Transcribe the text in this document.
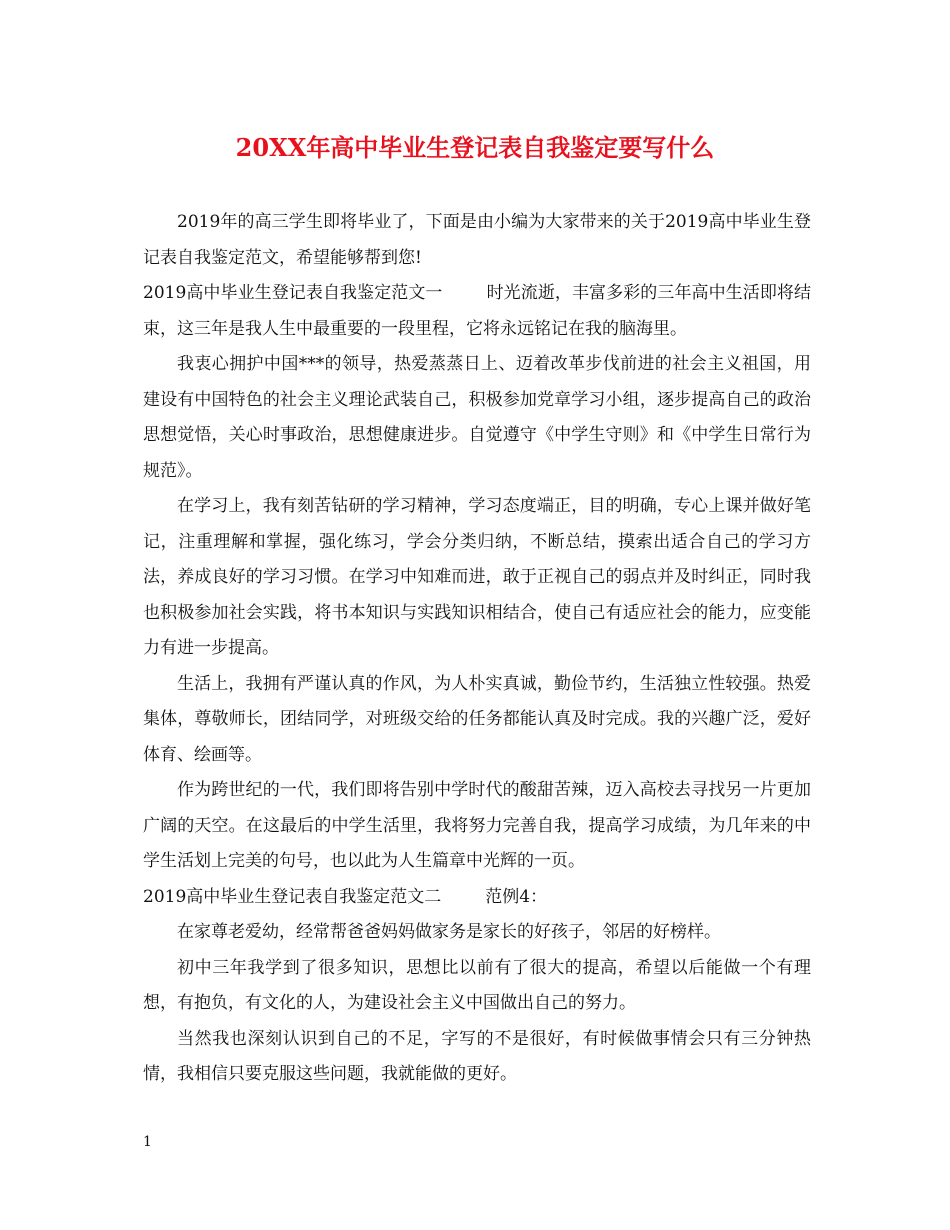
20XX年高中毕业生登记表自我鉴定要写什么

2019年的高三学生即将毕业了，下面是由小编为大家带来的关于2019高中毕业生登记表自我鉴定范文，希望能够帮到您!

2019高中毕业生登记表自我鉴定范文一	时光流逝，丰富多彩的三年高中生活即将结束，这三年是我人生中最重要的一段里程，它将永远铭记在我的脑海里。

我衷心拥护中国***的领导，热爱蒸蒸日上、迈着改革步伐前进的社会主义祖国，用建设有中国特色的社会主义理论武装自己，积极参加党章学习小组，逐步提高自己的政治思想觉悟，关心时事政治，思想健康进步。自觉遵守《中学生守则》和《中学生日常行为规范》。

在学习上，我有刻苦钻研的学习精神，学习态度端正，目的明确，专心上课并做好笔记，注重理解和掌握，强化练习，学会分类归纳，不断总结，摸索出适合自己的学习方法，养成良好的学习习惯。在学习中知难而进，敢于正视自己的弱点并及时纠正，同时我也积极参加社会实践，将书本知识与实践知识相结合，使自己有适应社会的能力，应变能力有进一步提高。

生活上，我拥有严谨认真的作风，为人朴实真诚，勤俭节约，生活独立性较强。热爱集体，尊敬师长，团结同学，对班级交给的任务都能认真及时完成。我的兴趣广泛，爱好体育、绘画等。

作为跨世纪的一代，我们即将告别中学时代的酸甜苦辣，迈入高校去寻找另一片更加广阔的天空。在这最后的中学生活里，我将努力完善自我，提高学习成绩，为几年来的中学生活划上完美的句号，也以此为人生篇章中光辉的一页。

2019高中毕业生登记表自我鉴定范文二	范例4：

在家尊老爱幼，经常帮爸爸妈妈做家务是家长的好孩子，邻居的好榜样。

初中三年我学到了很多知识，思想比以前有了很大的提高，希望以后能做一个有理想，有抱负，有文化的人，为建设社会主义中国做出自己的努力。

当然我也深刻认识到自己的不足，字写的不是很好，有时候做事情会只有三分钟热情，我相信只要克服这些问题，我就能做的更好。

1
